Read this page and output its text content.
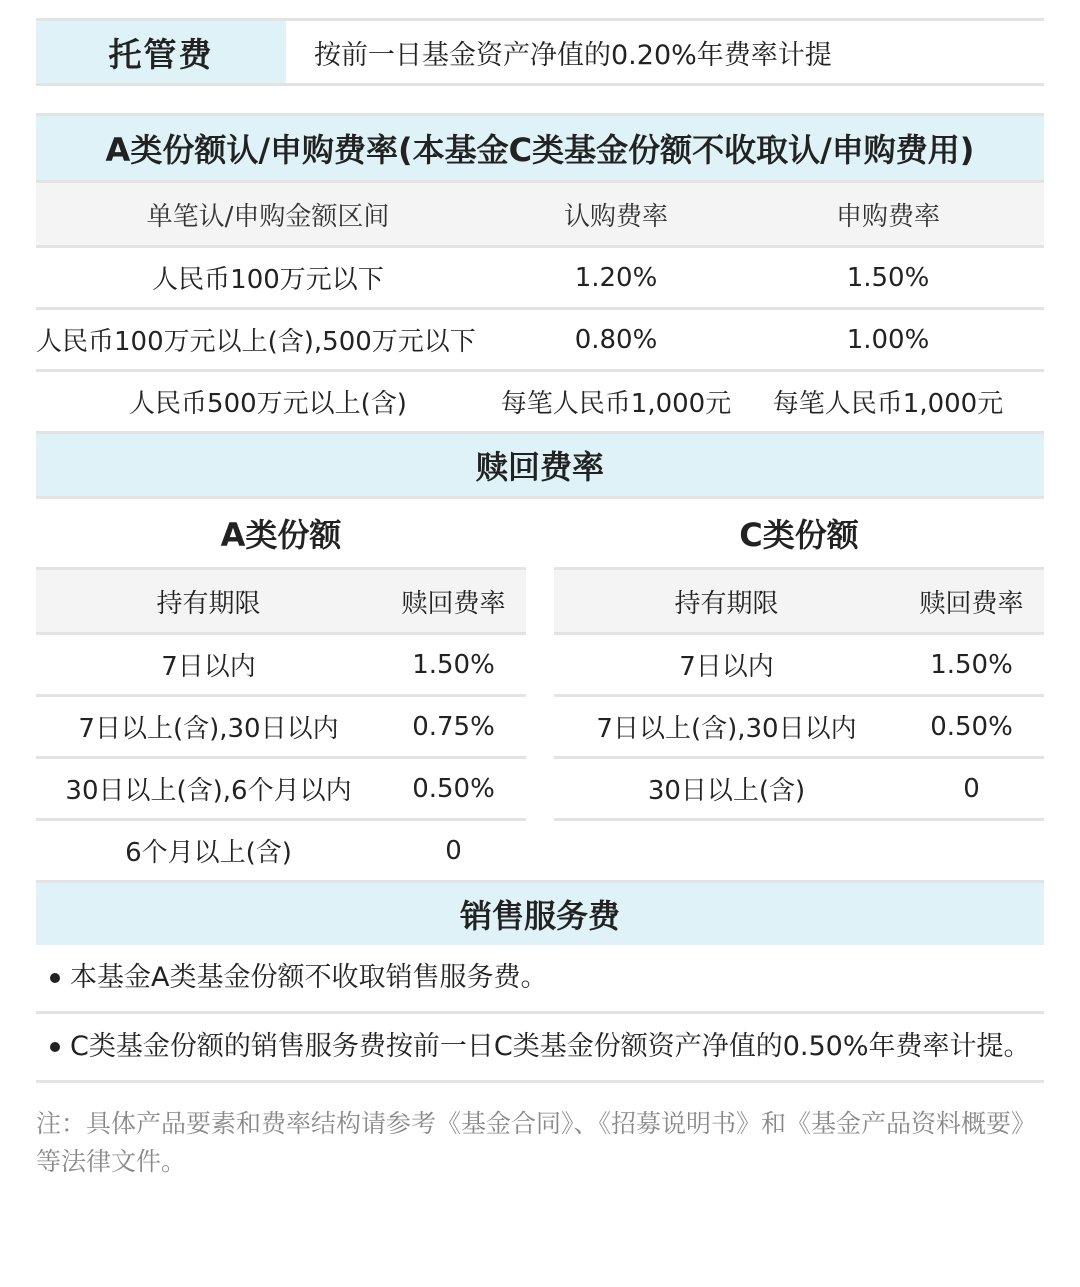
托管费	按前一日基金资产净值的0.20%年费率计提
A类份额认/申购费率(本基金C类基金份额不收取认/申购费用)
单笔认/申购金额区间	认购费率	申购费率
人民币100万元以下	1.20%	1.50%
人民币100万元以上(含),500万元以下	0.80%	1.00%
人民币500万元以上(含)	每笔人民币1,000元	每笔人民币1,000元
赎回费率
A类份额
持有期限	赎回费率
7日以内	1.50%
7日以上(含),30日以内	0.75%
30日以上(含),6个月以内	0.50%
6个月以上(含)	0
C类份额
持有期限	赎回费率
7日以内	1.50%
7日以上(含),30日以内	0.50%
30日以上(含)	0
销售服务费
本基金A类基金份额不收取销售服务费。
C类基金份额的销售服务费按前一日C类基金份额资产净值的0.50%年费率计提。
注：具体产品要素和费率结构请参考《基金合同》、《招募说明书》和《基金产品资料概要》等法律文件。
